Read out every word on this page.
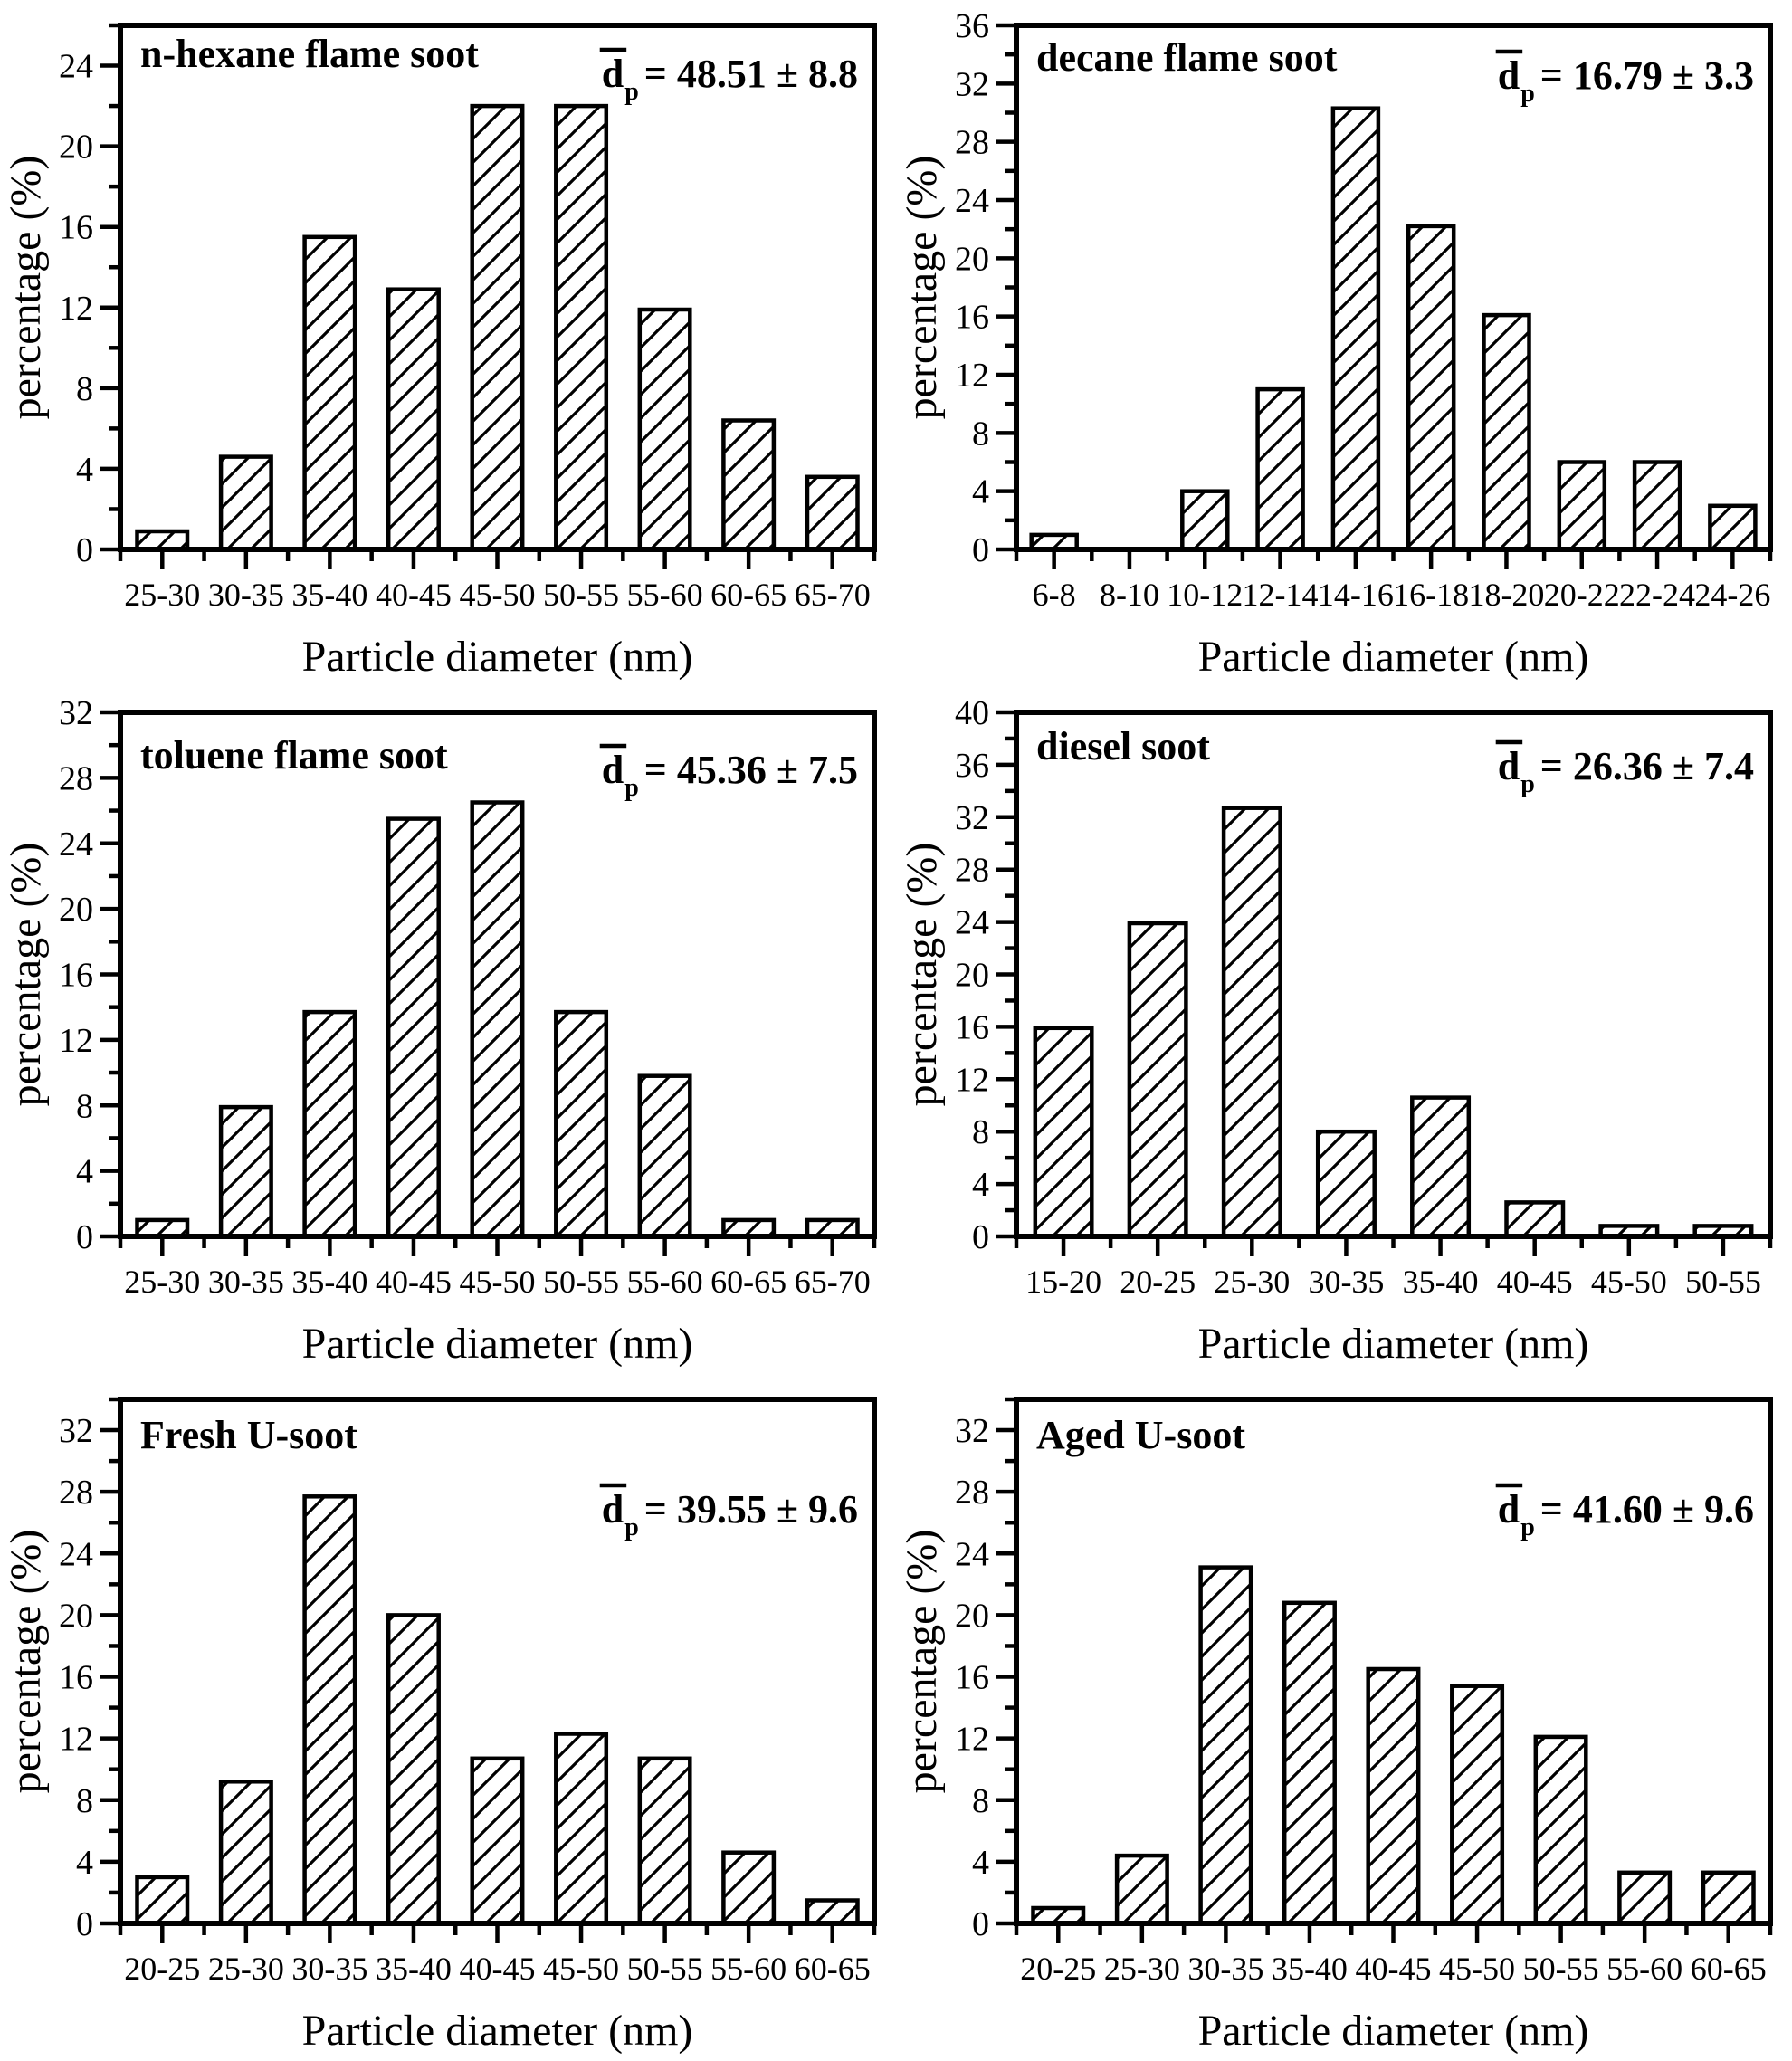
0
4
8
12
16
20
24
25-30 30-35 35-40 40-45 45-50 50-55 55-60 60-65 65-70
n-hexane flame soot
Particle diameter (nm)
percentage (%)
d p = 48.51 ± 8.8
0
4
8
12
16
20
24
28
32
36
6-8 8-10 10-12 12-14 14-16 16-18 18-20 20-22 22-24 24-26
decane flame soot
Particle diameter (nm)
percentage (%)
d p = 16.79 ± 3.3
0
4
8
12
16
20
24
28
32
25-30 30-35 35-40 40-45 45-50 50-55 55-60 60-65 65-70
toluene flame soot
Particle diameter (nm)
percentage (%)
d p = 45.36 ± 7.5
0
4
8
12
16
20
24
28
32
36
40
15-20 20-25 25-30 30-35 35-40 40-45 45-50 50-55
diesel soot
Particle diameter (nm)
percentage (%)
d p = 26.36 ± 7.4
0
4
8
12
16
20
24
28
32
20-25 25-30 30-35 35-40 40-45 45-50 50-55 55-60 60-65
Fresh U-soot
Particle diameter (nm)
percentage (%)
d p = 39.55 ± 9.6
0
4
8
12
16
20
24
28
32
20-25 25-30 30-35 35-40 40-45 45-50 50-55 55-60 60-65
Aged U-soot
Particle diameter (nm)
percentage (%)
d p = 41.60 ± 9.6
